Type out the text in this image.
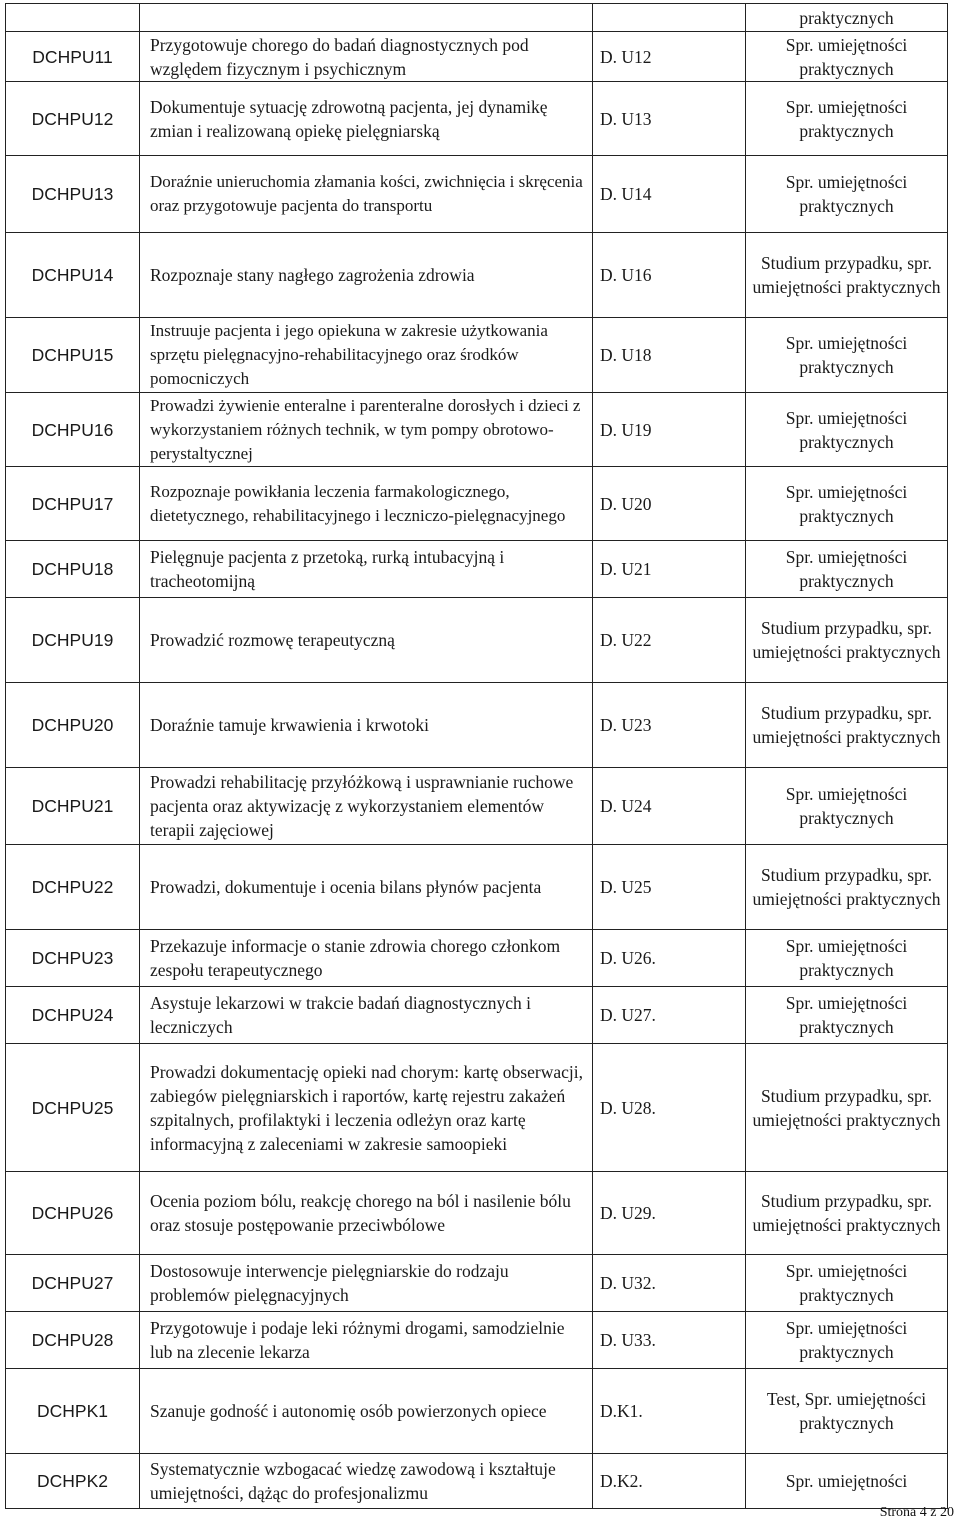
			praktycznych
DCHPU11	Przygotowuje chorego do badań diagnostycznych pod względem fizycznym i psychicznym	D. U12	Spr. umiejętności praktycznych
DCHPU12	Dokumentuje sytuację zdrowotną pacjenta, jej dynamikę zmian i realizowaną opiekę pielęgniarską	D. U13	Spr. umiejętności praktycznych
DCHPU13	Doraźnie unieruchomia złamania kości, zwichnięcia i skręcenia oraz przygotowuje pacjenta do transportu	D. U14	Spr. umiejętności praktycznych
DCHPU14	Rozpoznaje stany nagłego zagrożenia zdrowia	D. U16	Studium przypadku, spr. umiejętności praktycznych
DCHPU15	Instruuje pacjenta i jego opiekuna w zakresie użytkowania sprzętu pielęgnacyjno-rehabilitacyjnego oraz środków pomocniczych	D. U18	Spr. umiejętności praktycznych
DCHPU16	Prowadzi żywienie enteralne i parenteralne dorosłych i dzieci z wykorzystaniem różnych technik, w tym pompy obrotowo-perystaltycznej	D. U19	Spr. umiejętności praktycznych
DCHPU17	Rozpoznaje powikłania leczenia farmakologicznego, dietetycznego, rehabilitacyjnego i leczniczo-pielęgnacyjnego	D. U20	Spr. umiejętności praktycznych
DCHPU18	Pielęgnuje pacjenta z przetoką, rurką intubacyjną i tracheotomijną	D. U21	Spr. umiejętności praktycznych
DCHPU19	Prowadzić rozmowę terapeutyczną	D. U22	Studium przypadku, spr. umiejętności praktycznych
DCHPU20	Doraźnie tamuje krwawienia i krwotoki	D. U23	Studium przypadku, spr. umiejętności praktycznych
DCHPU21	Prowadzi rehabilitację przyłóżkową i usprawnianie ruchowe pacjenta oraz aktywizację z wykorzystaniem elementów terapii zajęciowej	D. U24	Spr. umiejętności praktycznych
DCHPU22	Prowadzi, dokumentuje i ocenia bilans płynów pacjenta	D. U25	Studium przypadku, spr. umiejętności praktycznych
DCHPU23	Przekazuje informacje o stanie zdrowia chorego członkom zespołu terapeutycznego	D. U26.	Spr. umiejętności praktycznych
DCHPU24	Asystuje lekarzowi w trakcie badań diagnostycznych i leczniczych	D. U27.	Spr. umiejętności praktycznych
DCHPU25	Prowadzi dokumentację opieki nad chorym: kartę obserwacji, zabiegów pielęgniarskich i raportów, kartę rejestru zakażeń szpitalnych, profilaktyki i leczenia odleżyn oraz kartę informacyjną z zaleceniami w zakresie samoopieki	D. U28.	Studium przypadku, spr. umiejętności praktycznych
DCHPU26	Ocenia poziom bólu, reakcję chorego na ból i nasilenie bólu oraz stosuje postępowanie przeciwbólowe	D. U29.	Studium przypadku, spr. umiejętności praktycznych
DCHPU27	Dostosowuje interwencje pielęgniarskie do rodzaju problemów pielęgnacyjnych	D. U32.	Spr. umiejętności praktycznych
DCHPU28	Przygotowuje i podaje leki różnymi drogami, samodzielnie lub na zlecenie lekarza	D. U33.	Spr. umiejętności praktycznych
DCHPK1	Szanuje godność i autonomię osób powierzonych opiece	D.K1.	Test, Spr. umiejętności praktycznych
DCHPK2	Systematycznie wzbogacać wiedzę zawodową i kształtuje umiejętności, dążąc do profesjonalizmu	D.K2.	Spr. umiejętności
Strona 4 z 20
